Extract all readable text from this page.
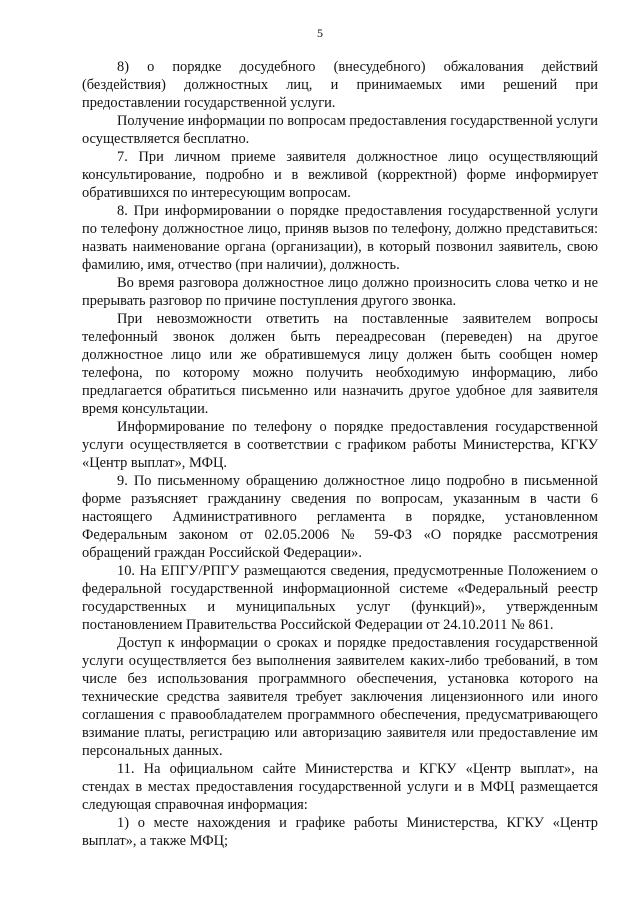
5

8) о порядке досудебного (внесудебного) обжалования действий (бездействия) должностных лиц, и принимаемых ими решений при предоставлении государственной услуги.

Получение информации по вопросам предоставления государственной услуги осуществляется бесплатно.

7. При личном приеме заявителя должностное лицо осуществляющий консультирование, подробно и в вежливой (корректной) форме информирует обратившихся по интересующим вопросам.

8. При информировании о порядке предоставления государственной услуги по телефону должностное лицо, приняв вызов по телефону, должно представиться: назвать наименование органа (организации), в который позвонил заявитель, свою фамилию, имя, отчество (при наличии), должность.

Во время разговора должностное лицо должно произносить слова четко и не прерывать разговор по причине поступления другого звонка.

При невозможности ответить на поставленные заявителем вопросы телефонный звонок должен быть переадресован (переведен) на другое должностное лицо или же обратившемуся лицу должен быть сообщен номер телефона, по которому можно получить необходимую информацию, либо предлагается обратиться письменно или назначить другое удобное для заявителя время консультации.

Информирование по телефону о порядке предоставления государственной услуги осуществляется в соответствии с графиком работы Министерства, КГКУ «Центр выплат», МФЦ.

9. По письменному обращению должностное лицо подробно в письменной форме разъясняет гражданину сведения по вопросам, указанным в части 6 настоящего Административного регламента в порядке, установленном Федеральным законом от 02.05.2006 № 59-ФЗ «О порядке рассмотрения обращений граждан Российской Федерации».

10. На ЕПГУ/РПГУ размещаются сведения, предусмотренные Положением о федеральной государственной информационной системе «Федеральный реестр государственных и муниципальных услуг (функций)», утвержденным постановлением Правительства Российской Федерации от 24.10.2011 № 861.

Доступ к информации о сроках и порядке предоставления государственной услуги осуществляется без выполнения заявителем каких-либо требований, в том числе без использования программного обеспечения, установка которого на технические средства заявителя требует заключения лицензионного или иного соглашения с правообладателем программного обеспечения, предусматривающего взимание платы, регистрацию или авторизацию заявителя или предоставление им персональных данных.

11. На официальном сайте Министерства и КГКУ «Центр выплат», на стендах в местах предоставления государственной услуги и в МФЦ размещается следующая справочная информация:

1) о месте нахождения и графике работы Министерства, КГКУ «Центр выплат», а также МФЦ;
